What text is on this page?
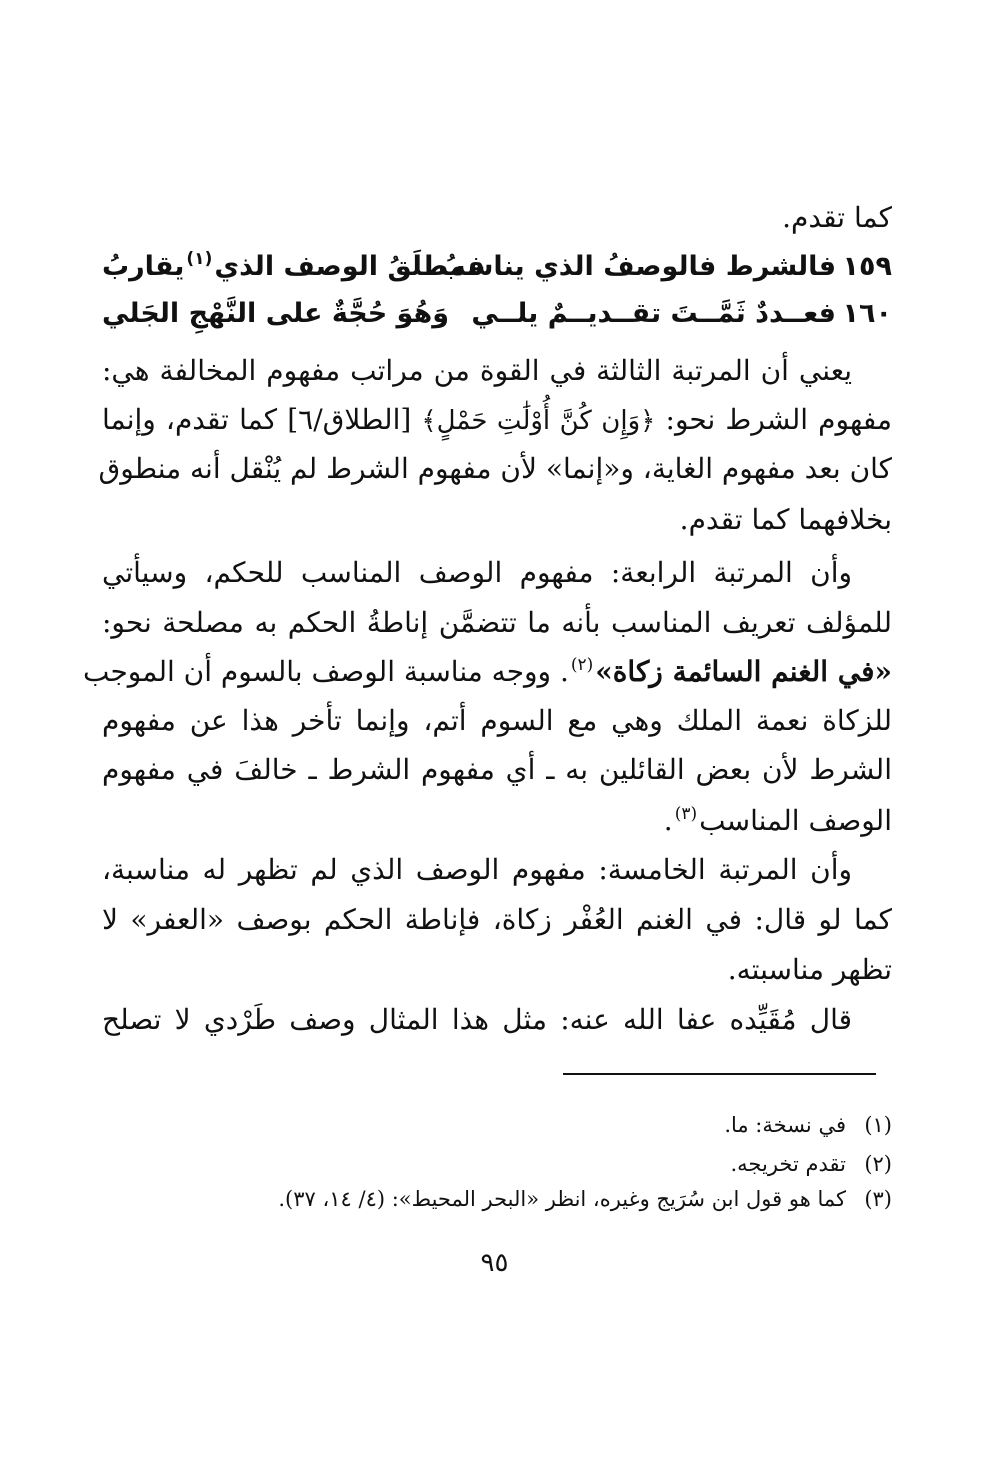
كما تقدم.
١٥٩
فالشرط فالوصفُ الذي يناسبُ
فمطلَقُ الوصف الذي$^{(١)}$يقاربُ
١٦٠
فعــددٌ ثَمَّــتَ تقــديــمٌ يلــي
وَهُوَ حُجَّةٌ على النَّهْجِ الجَلي
يعني أن المرتبة الثالثة في القوة من مراتب مفهوم المخالفة هي:
مفهوم الشرط نحو: ﴿وَإِن كُنَّ أُوْلَٰتِ حَمْلٍ﴾ [الطلاق/٦] كما تقدم، وإنما
كان بعد مفهوم الغاية، و«إنما» لأن مفهوم الشرط لم يُنْقل أنه منطوق
بخلافهما كما تقدم.
وأن المرتبة الرابعة: مفهوم الوصف المناسب للحكم، وسيأتي
للمؤلف تعريف المناسب بأنه ما تتضمَّن إناطةُ الحكم به مصلحة نحو:
«في الغنم السائمة زكاة»$^{(٢)}$. ووجه مناسبة الوصف بالسوم أن الموجب
للزكاة نعمة الملك وهي مع السوم أتم، وإنما تأخر هذا عن مفهوم
الشرط لأن بعض القائلين به ـ أي مفهوم الشرط ـ خالفَ في مفهوم
الوصف المناسب$^{(٣)}$.
وأن المرتبة الخامسة: مفهوم الوصف الذي لم تظهر له مناسبة،
كما لو قال: في الغنم العُفْر زكاة، فإناطة الحكم بوصف «العفر» لا
تظهر مناسبته.
قال مُقَيِّده عفا الله عنه: مثل هذا المثال وصف طَرْدي لا تصلح
(١)في نسخة: ما.
(٢)تقدم تخريجه.
(٣)كما هو قول ابن سُرَيج وغيره، انظر «البحر المحيط»: (٤/ ١٤، ٣٧).
٩٥
